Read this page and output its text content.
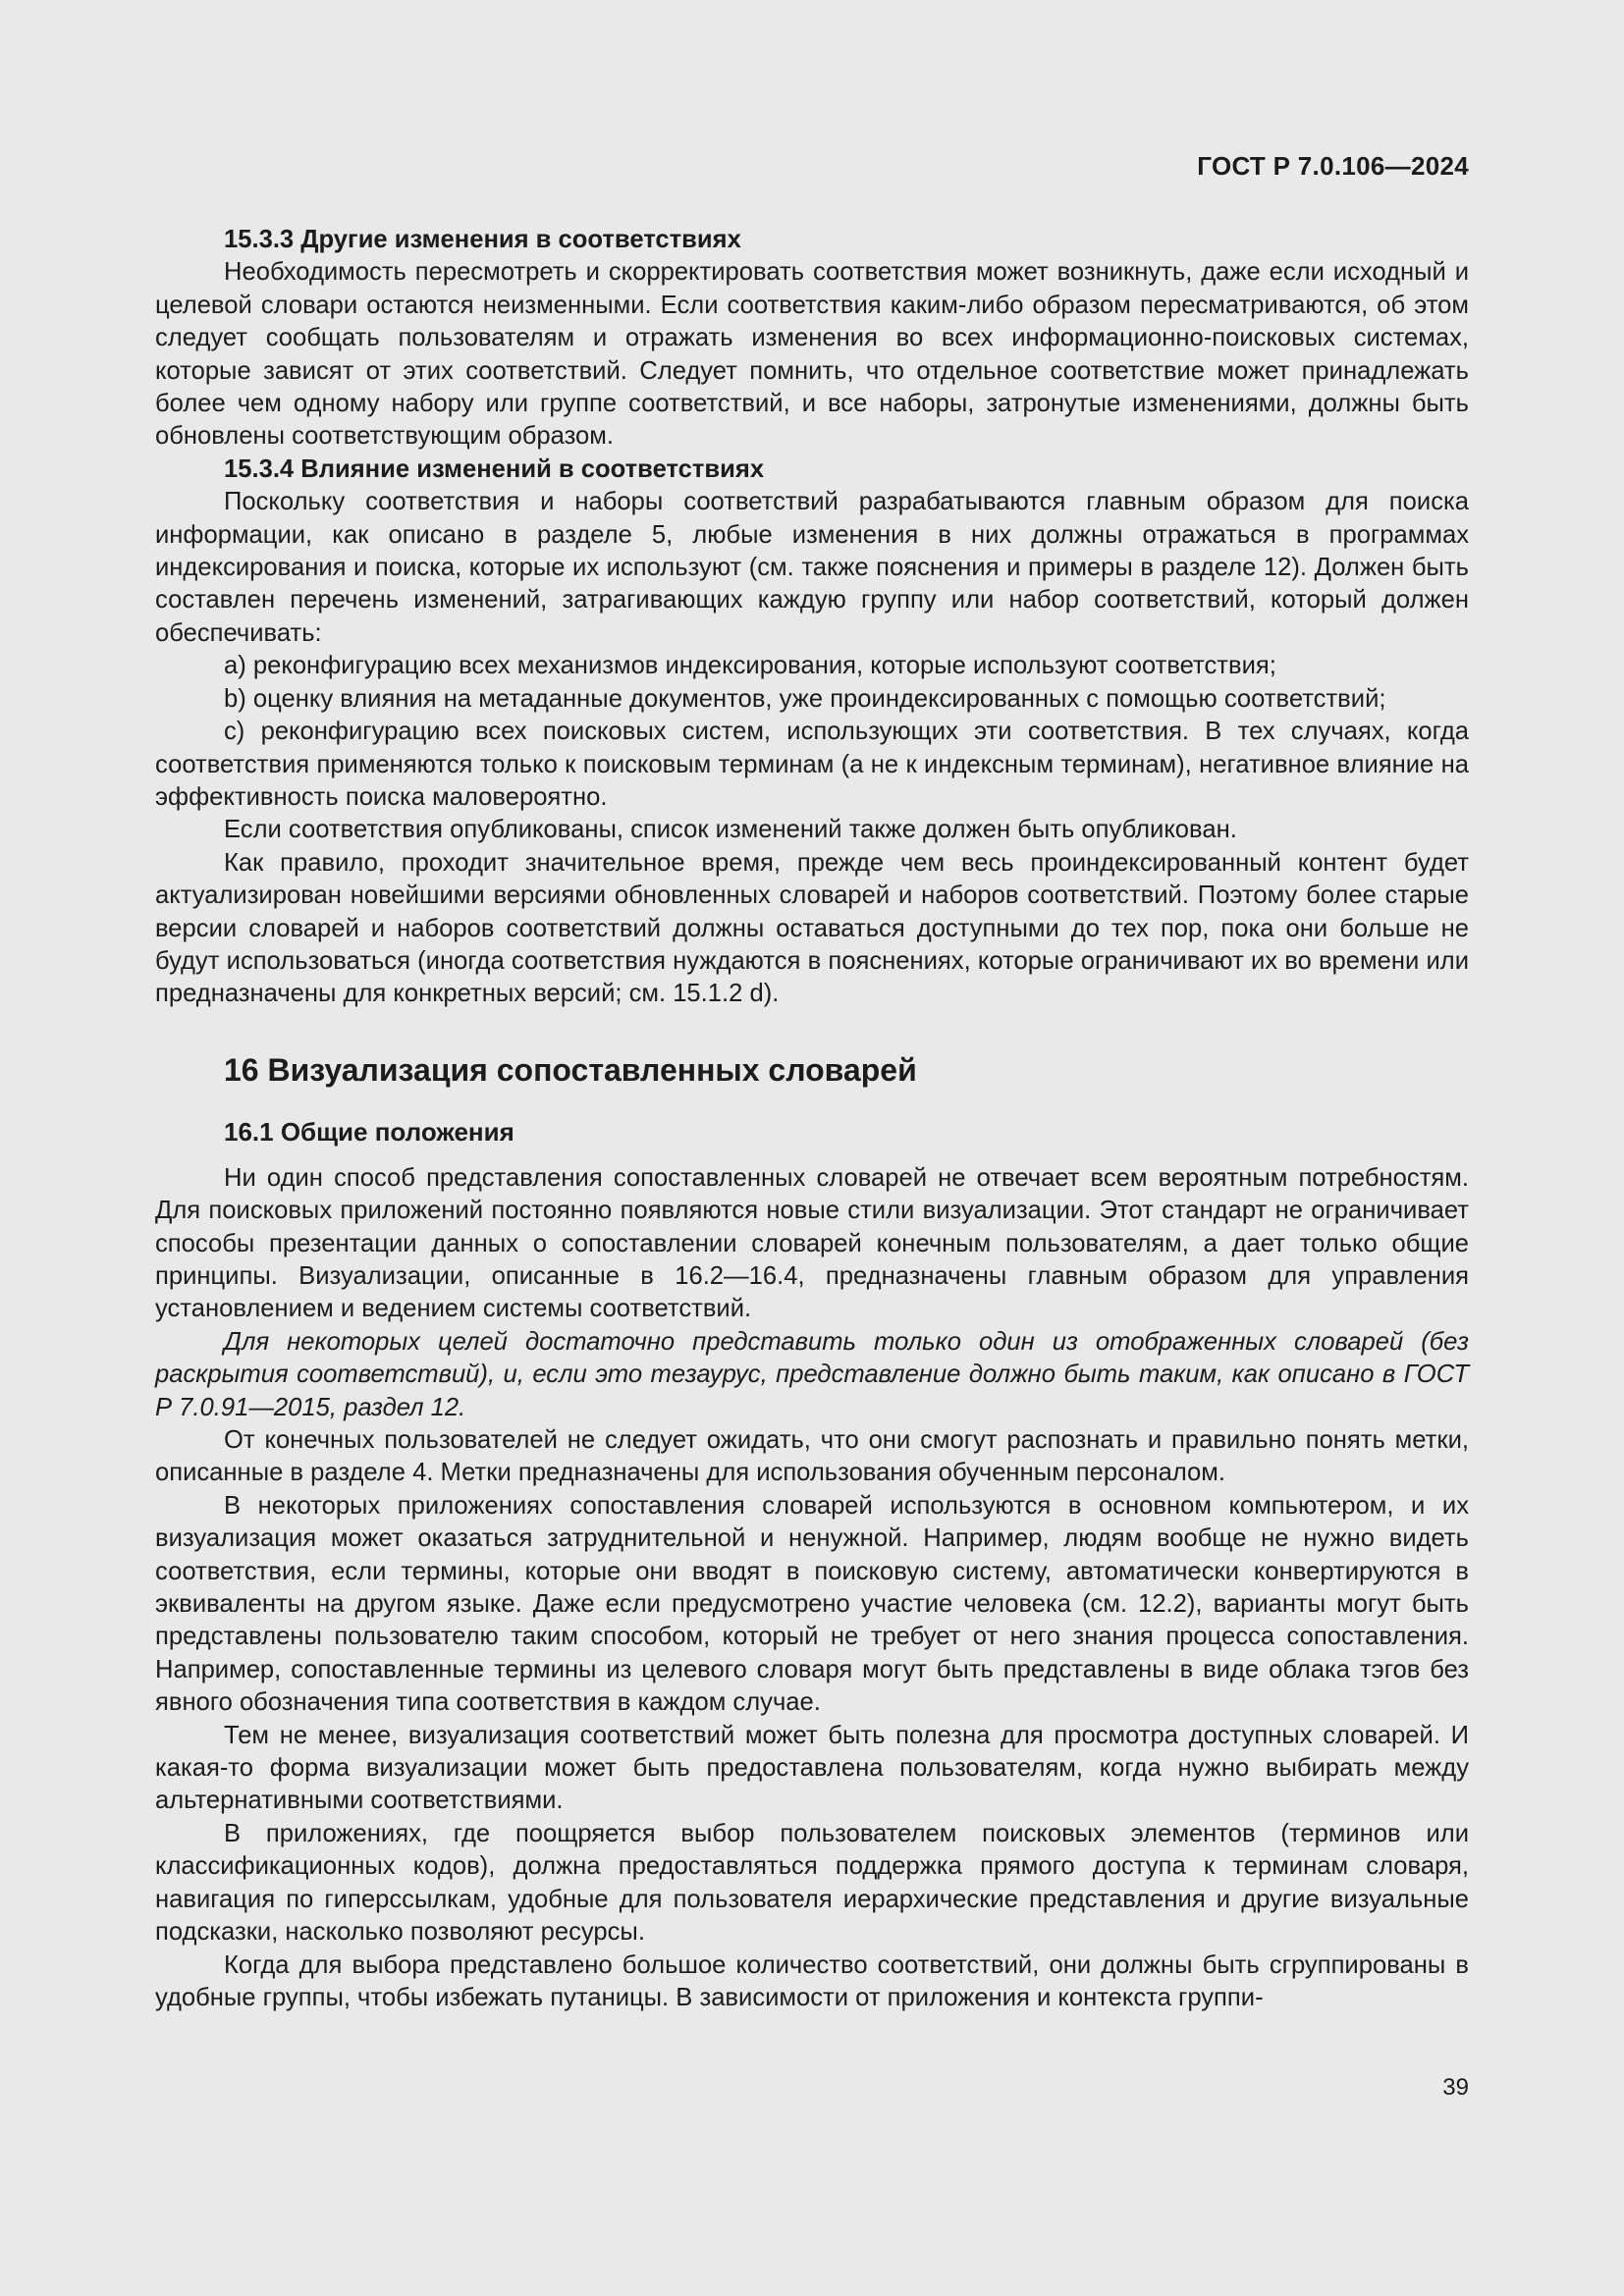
ГОСТ Р 7.0.106—2024

15.3.3 Другие изменения в соответствиях

Необходимость пересмотреть и скорректировать соответствия может возникнуть, даже если исходный и целевой словари остаются неизменными. Если соответствия каким-либо образом пересматриваются, об этом следует сообщать пользователям и отражать изменения во всех информационно-поисковых системах, которые зависят от этих соответствий. Следует помнить, что отдельное соответствие может принадлежать более чем одному набору или группе соответствий, и все наборы, затронутые изменениями, должны быть обновлены соответствующим образом.

15.3.4 Влияние изменений в соответствиях

Поскольку соответствия и наборы соответствий разрабатываются главным образом для поиска информации, как описано в разделе 5, любые изменения в них должны отражаться в программах индексирования и поиска, которые их используют (см. также пояснения и примеры в разделе 12). Должен быть составлен перечень изменений, затрагивающих каждую группу или набор соответствий, который должен обеспечивать:

а) реконфигурацию всех механизмов индексирования, которые используют соответствия;

b) оценку влияния на метаданные документов, уже проиндексированных с помощью соответствий;

с) реконфигурацию всех поисковых систем, использующих эти соответствия. В тех случаях, когда соответствия применяются только к поисковым терминам (а не к индексным терминам), негативное влияние на эффективность поиска маловероятно.

Если соответствия опубликованы, список изменений также должен быть опубликован.

Как правило, проходит значительное время, прежде чем весь проиндексированный контент будет актуализирован новейшими версиями обновленных словарей и наборов соответствий. Поэтому более старые версии словарей и наборов соответствий должны оставаться доступными до тех пор, пока они больше не будут использоваться (иногда соответствия нуждаются в пояснениях, которые ограничивают их во времени или предназначены для конкретных версий; см. 15.1.2 d).

16 Визуализация сопоставленных словарей
16.1 Общие положения

Ни один способ представления сопоставленных словарей не отвечает всем вероятным потребностям. Для поисковых приложений постоянно появляются новые стили визуализации. Этот стандарт не ограничивает способы презентации данных о сопоставлении словарей конечным пользователям, а дает только общие принципы. Визуализации, описанные в 16.2—16.4, предназначены главным образом для управления установлением и ведением системы соответствий.

Для некоторых целей достаточно представить только один из отображенных словарей (без раскрытия соответствий), и, если это тезаурус, представление должно быть таким, как описано в ГОСТ Р 7.0.91—2015, раздел 12.

От конечных пользователей не следует ожидать, что они смогут распознать и правильно понять метки, описанные в разделе 4. Метки предназначены для использования обученным персоналом.

В некоторых приложениях сопоставления словарей используются в основном компьютером, и их визуализация может оказаться затруднительной и ненужной. Например, людям вообще не нужно видеть соответствия, если термины, которые они вводят в поисковую систему, автоматически конвертируются в эквиваленты на другом языке. Даже если предусмотрено участие человека (см. 12.2), варианты могут быть представлены пользователю таким способом, который не требует от него знания процесса сопоставления. Например, сопоставленные термины из целевого словаря могут быть представлены в виде облака тэгов без явного обозначения типа соответствия в каждом случае.

Тем не менее, визуализация соответствий может быть полезна для просмотра доступных словарей. И какая-то форма визуализации может быть предоставлена пользователям, когда нужно выбирать между альтернативными соответствиями.

В приложениях, где поощряется выбор пользователем поисковых элементов (терминов или классификационных кодов), должна предоставляться поддержка прямого доступа к терминам словаря, навигация по гиперссылкам, удобные для пользователя иерархические представления и другие визуальные подсказки, насколько позволяют ресурсы.

Когда для выбора представлено большое количество соответствий, они должны быть сгруппированы в удобные группы, чтобы избежать путаницы. В зависимости от приложения и контекста группи-

39
